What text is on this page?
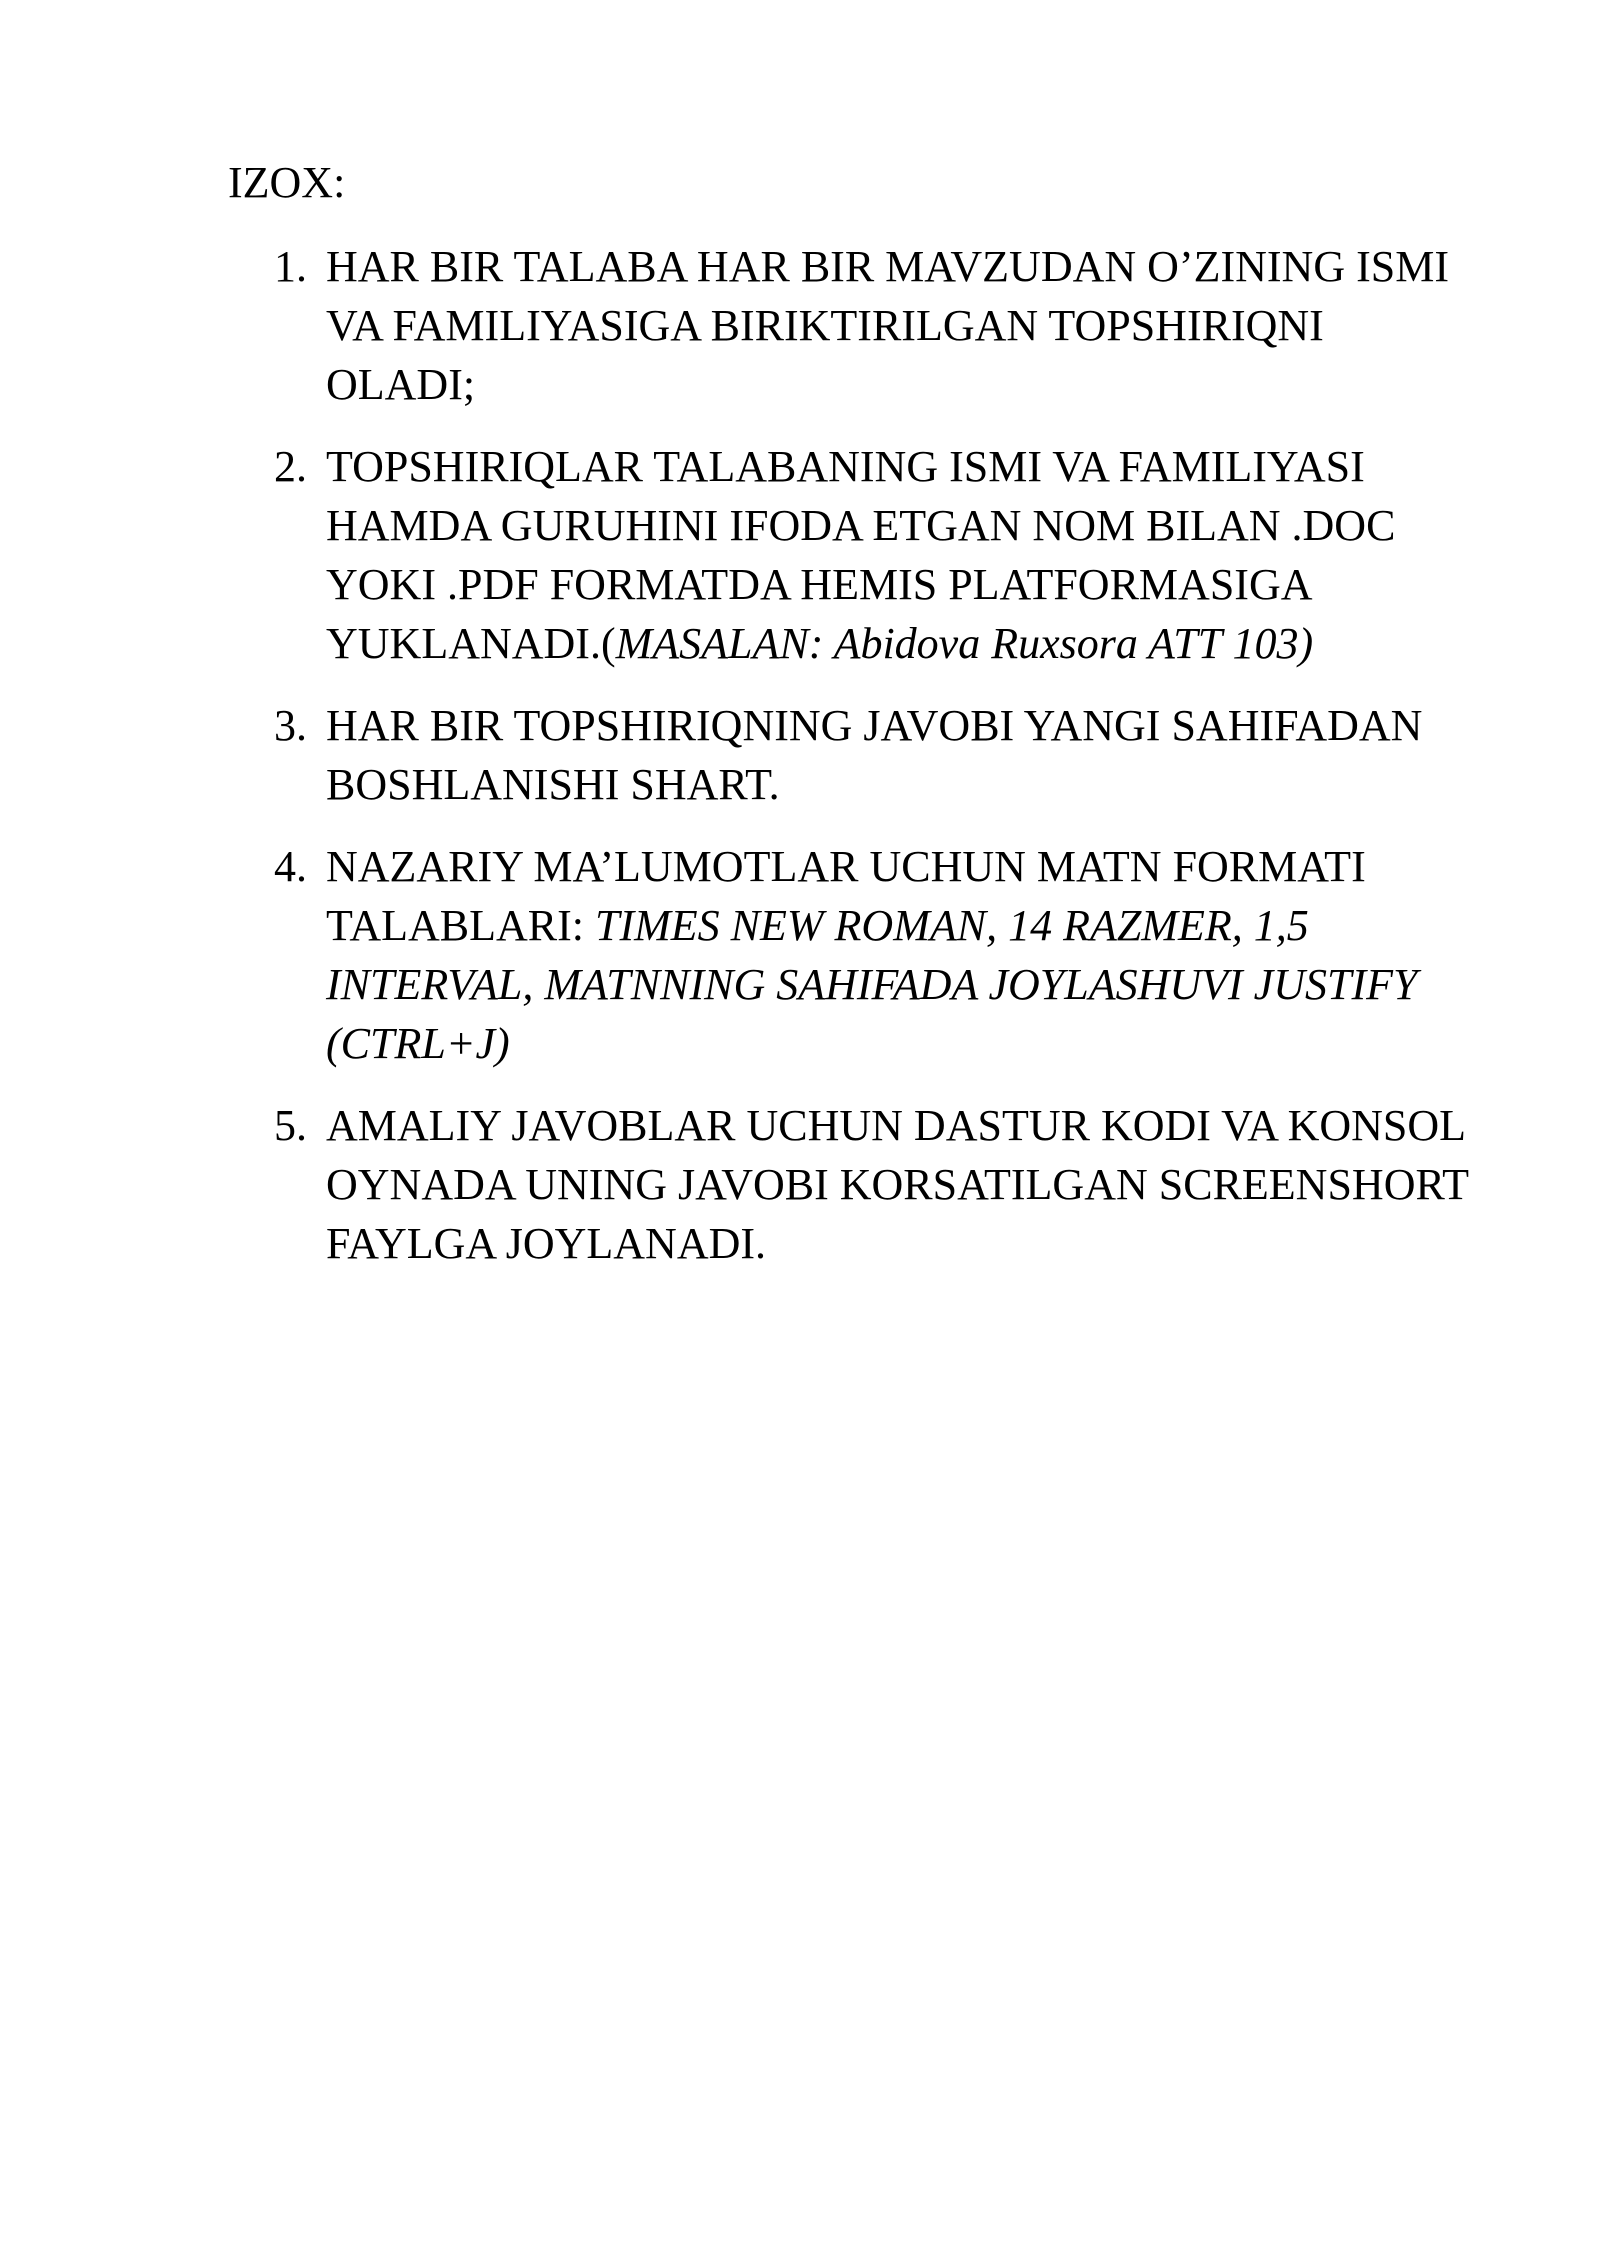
IZOX:
1. HAR BIR TALABA HAR BIR MAVZUDAN O’ZINING ISMI VA FAMILIYASIGA BIRIKTIRILGAN TOPSHIRIQNI OLADI;
2. TOPSHIRIQLAR TALABANING ISMI VA FAMILIYASI HAMDA GURUHINI IFODA ETGAN NOM BILAN .DOC YOKI .PDF FORMATDA HEMIS PLATFORMASIGA YUKLANADI.(MASALAN: Abidova Ruxsora ATT 103)
3. HAR BIR TOPSHIRIQNING JAVOBI YANGI SAHIFADAN BOSHLANISHI SHART.
4. NAZARIY MA’LUMOTLAR UCHUN MATN FORMATI TALABLARI: TIMES NEW ROMAN, 14 RAZMER, 1,5 INTERVAL, MATNNING SAHIFADA JOYLASHUVI JUSTIFY (CTRL+J)
5. AMALIY JAVOBLAR UCHUN DASTUR KODI VA KONSOL OYNADA UNING JAVOBI KORSATILGAN SCREENSHORT FAYLGA JOYLANADI.
